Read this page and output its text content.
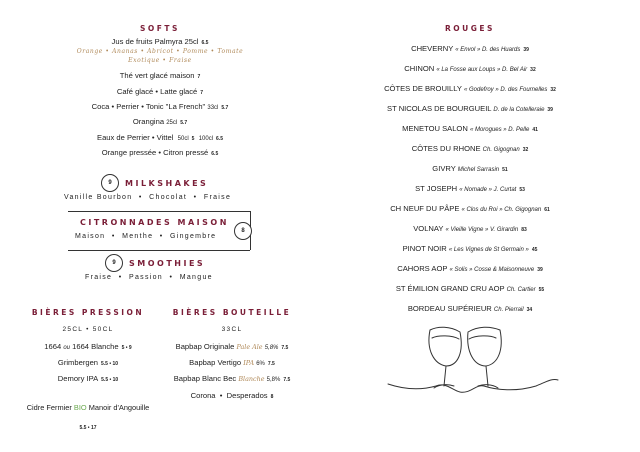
SOFTS
Jus de fruits Palmyra 25cl 6.5
Orange • Ananas • Abricot • Pomme • Tomate
Exotique • Fraise
Thé vert glacé maison 7
Café glacé • Latte glacé 7
Coca • Perrier • Tonic "La French" 33cl 5.7
Orangina 25cl 5.7
Eaux de Perrier • Vittel 50cl 5 100cl 6.5
Orange pressée • Citron pressé 6.5
9	MILKSHAKES
Vanille Bourbon  •  Chocolat  •  Fraise
CITRONNADES MAISON
Maison  •  Menthe  •  Gingembre
8
9	SMOOTHIES
Fraise  •  Passion  •  Mangue
BIÈRES PRESSION
25CL • 50CL
1664 ou 1664 Blanche 5 • 9
Grimbergen 5.5 • 10
Demory IPA 5.5 • 10
Cidre Fermier BIO Manoir d'Angouille
5.5 • 17
BIÈRES BOUTEILLE
33CL
Bapbap Originale Pale Ale 5,8% 7.5
Bapbap Vertigo IPA 6% 7.5
Bapbap Blanc Bec Blanche 5,8% 7.5
Corona  •  Desperados 8
ROUGES
CHEVERNY « Envol » D. des Huards 39
CHINON « La Fosse aux Loups » D. Bel Air 32
CÔTES DE BROUILLY « Godefroy » D. des Fournelles 32
ST NICOLAS DE BOURGUEIL D. de la Cotelleraie 39
MENETOU SALON « Morogues » D. Pelle 41
CÔTES DU RHONE Ch. Gigognan 32
GIVRY Michel Sarrasin 51
ST JOSEPH « Nomade » J. Curtat 53
CH NEUF DU PÂPE « Clos du Roi » Ch. Gigognan 61
VOLNAY « Vieille Vigne » V. Girardin 83
PINOT NOIR « Les Vignes de St Germain » 45
CAHORS AOP « Solis » Cosse & Maisonneuve 39
ST ÉMILION GRAND CRU AOP Ch. Cartier 55
BORDEAU SUPÉRIEUR Ch. Pierrail 34
